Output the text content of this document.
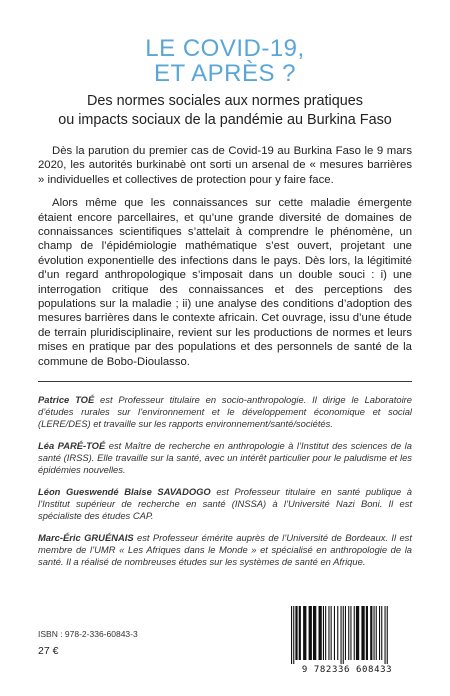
LE COVID-19,
ET APRÈS ?
Des normes sociales aux normes pratiques
ou impacts sociaux de la pandémie au Burkina Faso

Dès la parution du premier cas de Covid-19 au Burkina Faso le 9 mars 2020, les autorités burkinabè ont sorti un arsenal de « mesures barrières » individuelles et collectives de protection pour y faire face.

Alors même que les connaissances sur cette maladie émergente étaient encore parcellaires, et qu’une grande diversité de domaines de connaissances scientifiques s’attelait à comprendre le phénomène, un champ de l’épidémiologie mathématique s’est ouvert, projetant une évolution exponentielle des infections dans le pays. Dès lors, la légitimité d’un regard anthropologique s’imposait dans un double souci : i) une interrogation critique des connaissances et des perceptions des populations sur la maladie ; ii) une analyse des conditions d’adoption des mesures barrières dans le contexte africain. Cet ouvrage, issu d’une étude de terrain pluridisciplinaire, revient sur les productions de normes et leurs mises en pratique par des populations et des personnels de santé de la commune de Bobo-Dioulasso.

Patrice TOÉ est Professeur titulaire en socio-anthropologie. Il dirige le Laboratoire d’études rurales sur l’environnement et le développement économique et social (LERE/DES) et travaille sur les rapports environnement/santé/sociétés.

Léa PARÉ-TOÉ est Maître de recherche en anthropologie à l’Institut des sciences de la santé (IRSS). Elle travaille sur la santé, avec un intérêt particulier pour le paludisme et les épidémies nouvelles.

Léon Gueswendé Blaise SAVADOGO est Professeur titulaire en santé publique à l’Institut supérieur de recherche en santé (INSSA) à l’Université Nazi Boni. Il est spécialiste des études CAP.

Marc-Éric GRUÉNAIS est Professeur émérite auprès de l’Université de Bordeaux. Il est membre de l’UMR « Les Afriques dans le Monde » et spécialisé en anthropologie de la santé. Il a réalisé de nombreuses études sur les systèmes de santé en Afrique.

ISBN : 978-2-336-60843-3
27 €
9 782336 608433
